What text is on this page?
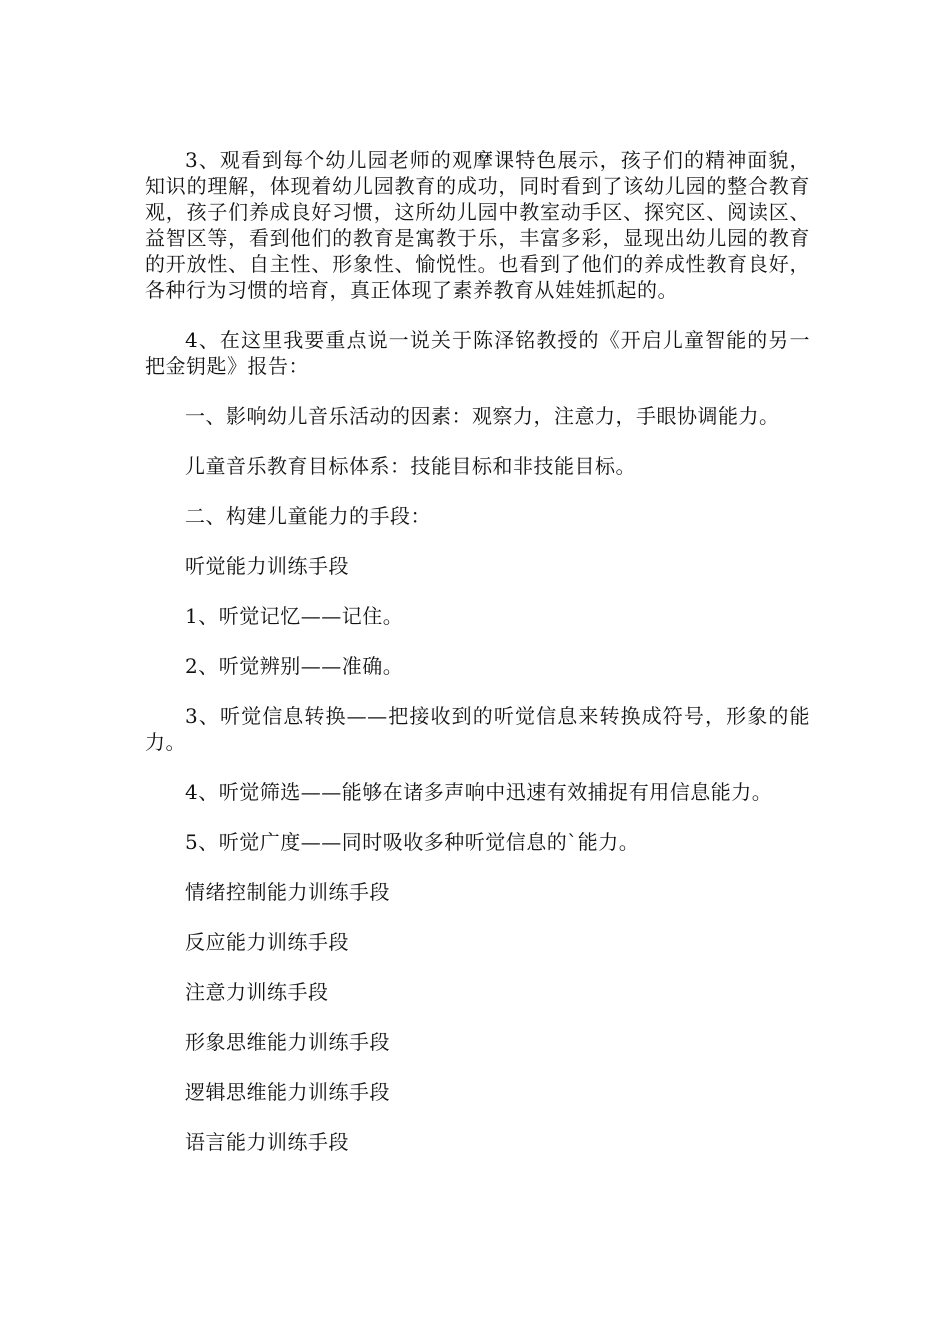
3、观看到每个幼儿园老师的观摩课特色展示，孩子们的精神面貌，知识的理解，体现着幼儿园教育的成功，同时看到了该幼儿园的整合教育观，孩子们养成良好习惯，这所幼儿园中教室动手区、探究区、阅读区、益智区等，看到他们的教育是寓教于乐，丰富多彩，显现出幼儿园的教育的开放性、自主性、形象性、愉悦性。也看到了他们的养成性教育良好，各种行为习惯的培育，真正体现了素养教育从娃娃抓起的。

4、在这里我要重点说一说关于陈泽铭教授的《开启儿童智能的另一把金钥匙》报告：

一、影响幼儿音乐活动的因素：观察力，注意力，手眼协调能力。

儿童音乐教育目标体系：技能目标和非技能目标。

二、构建儿童能力的手段：

听觉能力训练手段

1、听觉记忆——记住。

2、听觉辨别——准确。

3、听觉信息转换——把接收到的听觉信息来转换成符号，形象的能力。

4、听觉筛选——能够在诸多声响中迅速有效捕捉有用信息能力。

5、听觉广度——同时吸收多种听觉信息的`能力。

情绪控制能力训练手段

反应能力训练手段

注意力训练手段

形象思维能力训练手段

逻辑思维能力训练手段

语言能力训练手段
